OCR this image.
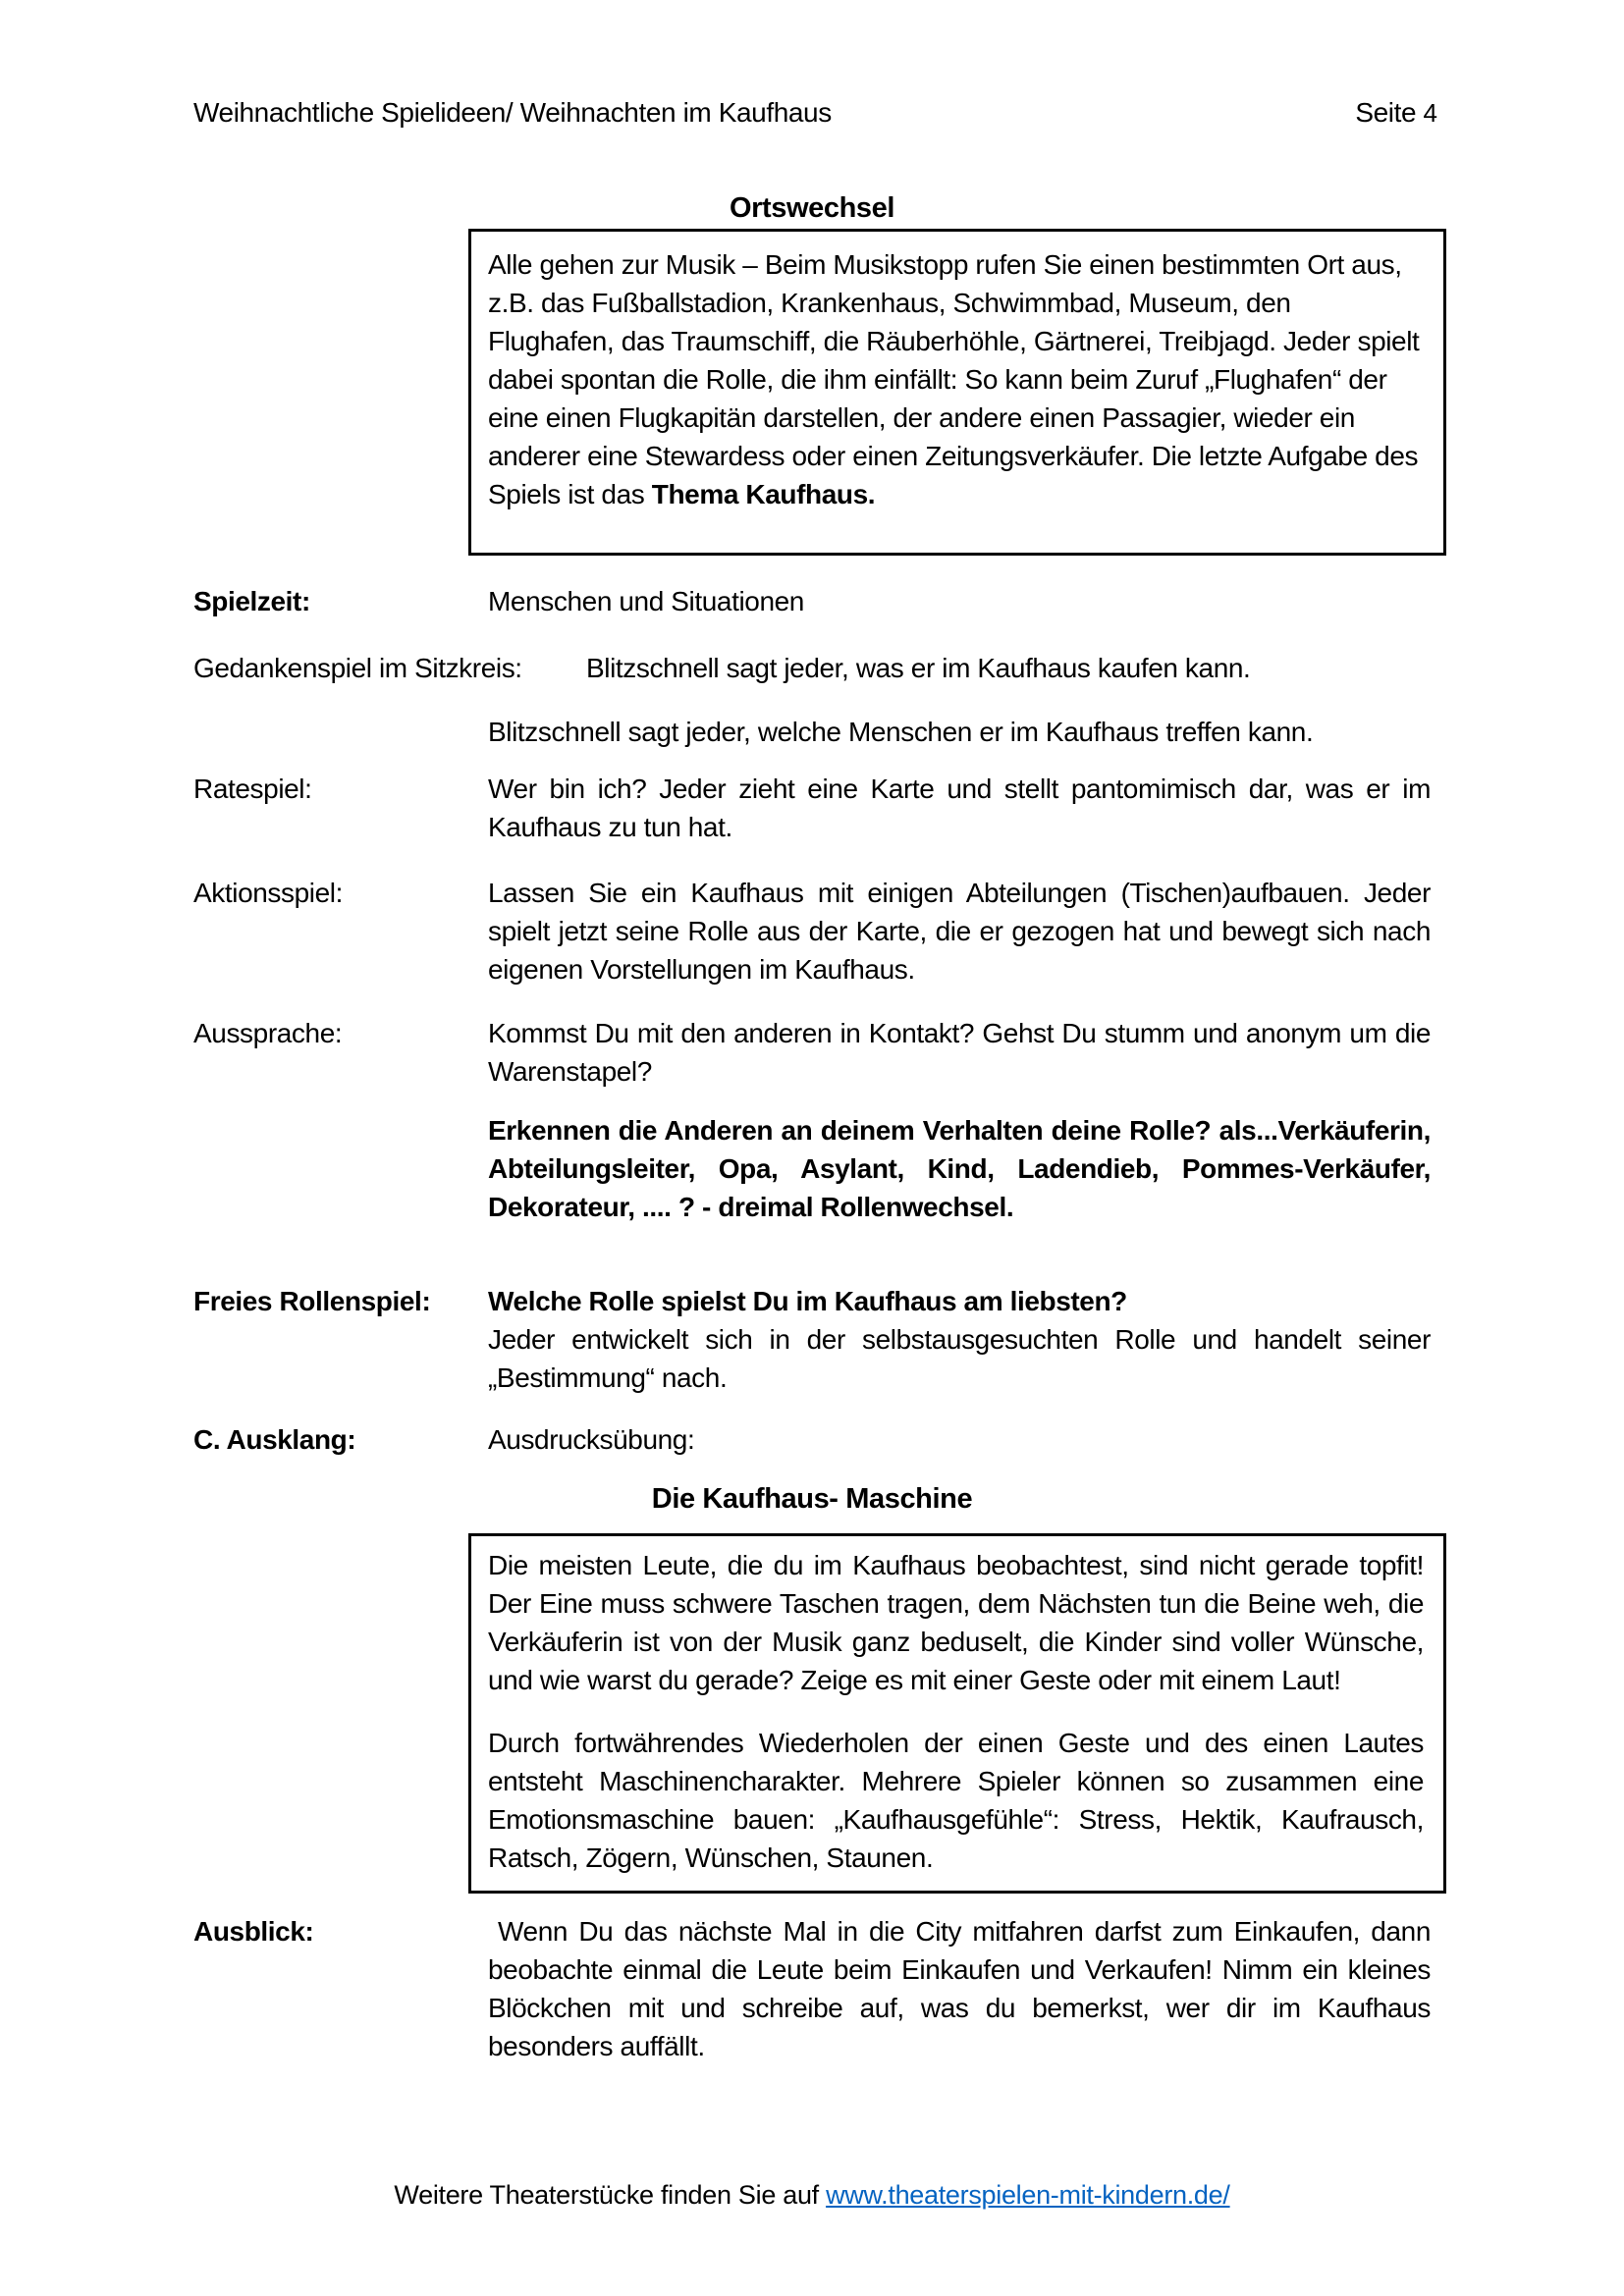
Weihnachtliche Spielideen/ Weihnachten im Kaufhaus	Seite 4
Ortswechsel

Alle gehen zur Musik – Beim Musikstopp rufen Sie einen bestimmten Ort aus, z.B. das Fußballstadion, Krankenhaus, Schwimmbad, Museum, den Flughafen, das Traumschiff, die Räuberhöhle, Gärtnerei, Treibjagd. Jeder spielt dabei spontan die Rolle, die ihm einfällt: So kann beim Zuruf „Flughafen“ der eine einen Flugkapitän darstellen, der andere einen Passagier, wieder ein anderer eine Stewardess oder einen Zeitungsverkäufer. Die letzte Aufgabe des Spiels ist das Thema Kaufhaus.

Spielzeit:	Menschen und Situationen
Gedankenspiel im Sitzkreis:	Blitzschnell sagt jeder, was er im Kaufhaus kaufen kann.
Blitzschnell sagt jeder, welche Menschen er im Kaufhaus treffen kann.
Ratespiel:	Wer bin ich? Jeder zieht eine Karte und stellt pantomimisch dar, was er im Kaufhaus zu tun hat.
Aktionsspiel:	Lassen Sie ein Kaufhaus mit einigen Abteilungen (Tischen)aufbauen. Jeder spielt jetzt seine Rolle aus der Karte, die er gezogen hat und bewegt sich nach eigenen Vorstellungen im Kaufhaus.
Aussprache:	Kommst Du mit den anderen in Kontakt? Gehst Du stumm und anonym um die Warenstapel?
Erkennen die Anderen an deinem Verhalten deine Rolle? als...Verkäuferin, Abteilungsleiter, Opa, Asylant, Kind, Ladendieb, Pommes-Verkäufer, Dekorateur, .... ? - dreimal Rollenwechsel.
Freies Rollenspiel:	Welche Rolle spielst Du im Kaufhaus am liebsten?
Jeder entwickelt sich in der selbstausgesuchten Rolle und handelt seiner „Bestimmung“ nach.
C. Ausklang:	Ausdrucksübung:
Die Kaufhaus- Maschine

Die meisten Leute, die du im Kaufhaus beobachtest, sind nicht gerade topfit! Der Eine muss schwere Taschen tragen, dem Nächsten tun die Beine weh, die Verkäuferin ist von der Musik ganz beduselt, die Kinder sind voller Wünsche, und wie warst du gerade? Zeige es mit einer Geste oder mit einem Laut!

Durch fortwährendes Wiederholen der einen Geste und des einen Lautes entsteht Maschinencharakter. Mehrere Spieler können so zusammen eine Emotionsmaschine bauen: „Kaufhausgefühle“: Stress, Hektik, Kaufrausch, Ratsch, Zögern, Wünschen, Staunen.

Ausblick:	Wenn Du das nächste Mal in die City mitfahren darfst zum Einkaufen, dann beobachte einmal die Leute beim Einkaufen und Verkaufen! Nimm ein kleines Blöckchen mit und schreibe auf, was du bemerkst, wer dir im Kaufhaus besonders auffällt.
Weitere Theaterstücke finden Sie auf www.theaterspielen-mit-kindern.de/
